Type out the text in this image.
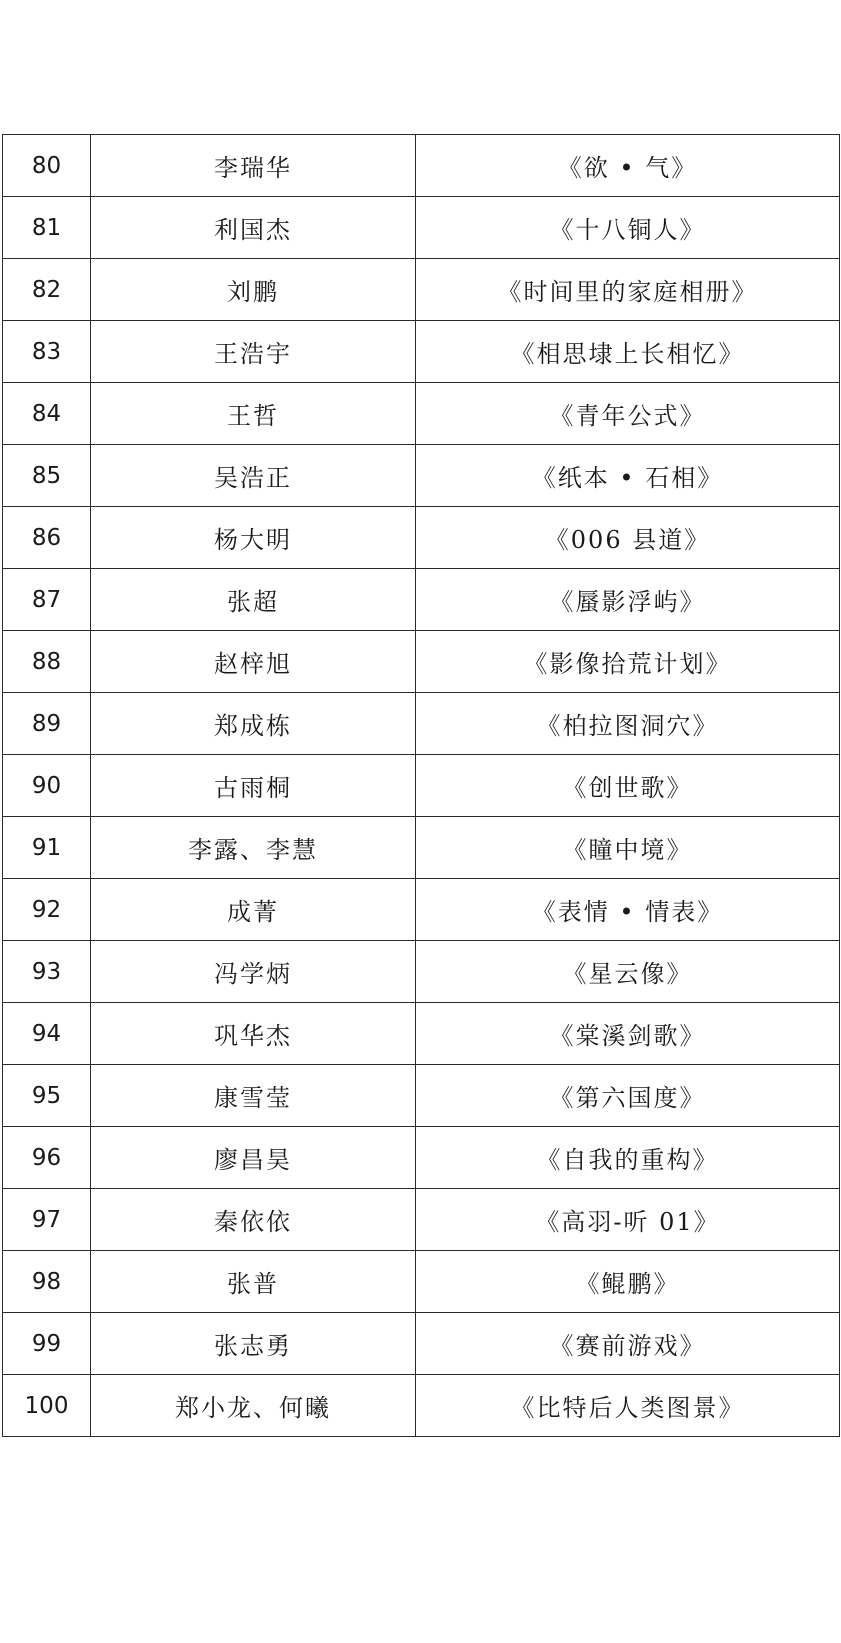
80	李瑞华	《欲 • 气》
81	利国杰	《十八铜人》
82	刘鹏	《时间里的家庭相册》
83	王浩宇	《相思埭上长相忆》
84	王哲	《青年公式》
85	吴浩正	《纸本 • 石相》
86	杨大明	《006 县道》
87	张超	《蜃影浮屿》
88	赵梓旭	《影像拾荒计划》
89	郑成栋	《柏拉图洞穴》
90	古雨桐	《创世歌》
91	李露、李慧	《瞳中境》
92	成菁	《表情 • 情表》
93	冯学炳	《星云像》
94	巩华杰	《棠溪剑歌》
95	康雪莹	《第六国度》
96	廖昌昊	《自我的重构》
97	秦依依	《高羽-听 01》
98	张普	《鲲鹏》
99	张志勇	《赛前游戏》
100	郑小龙、何曦	《比特后人类图景》
